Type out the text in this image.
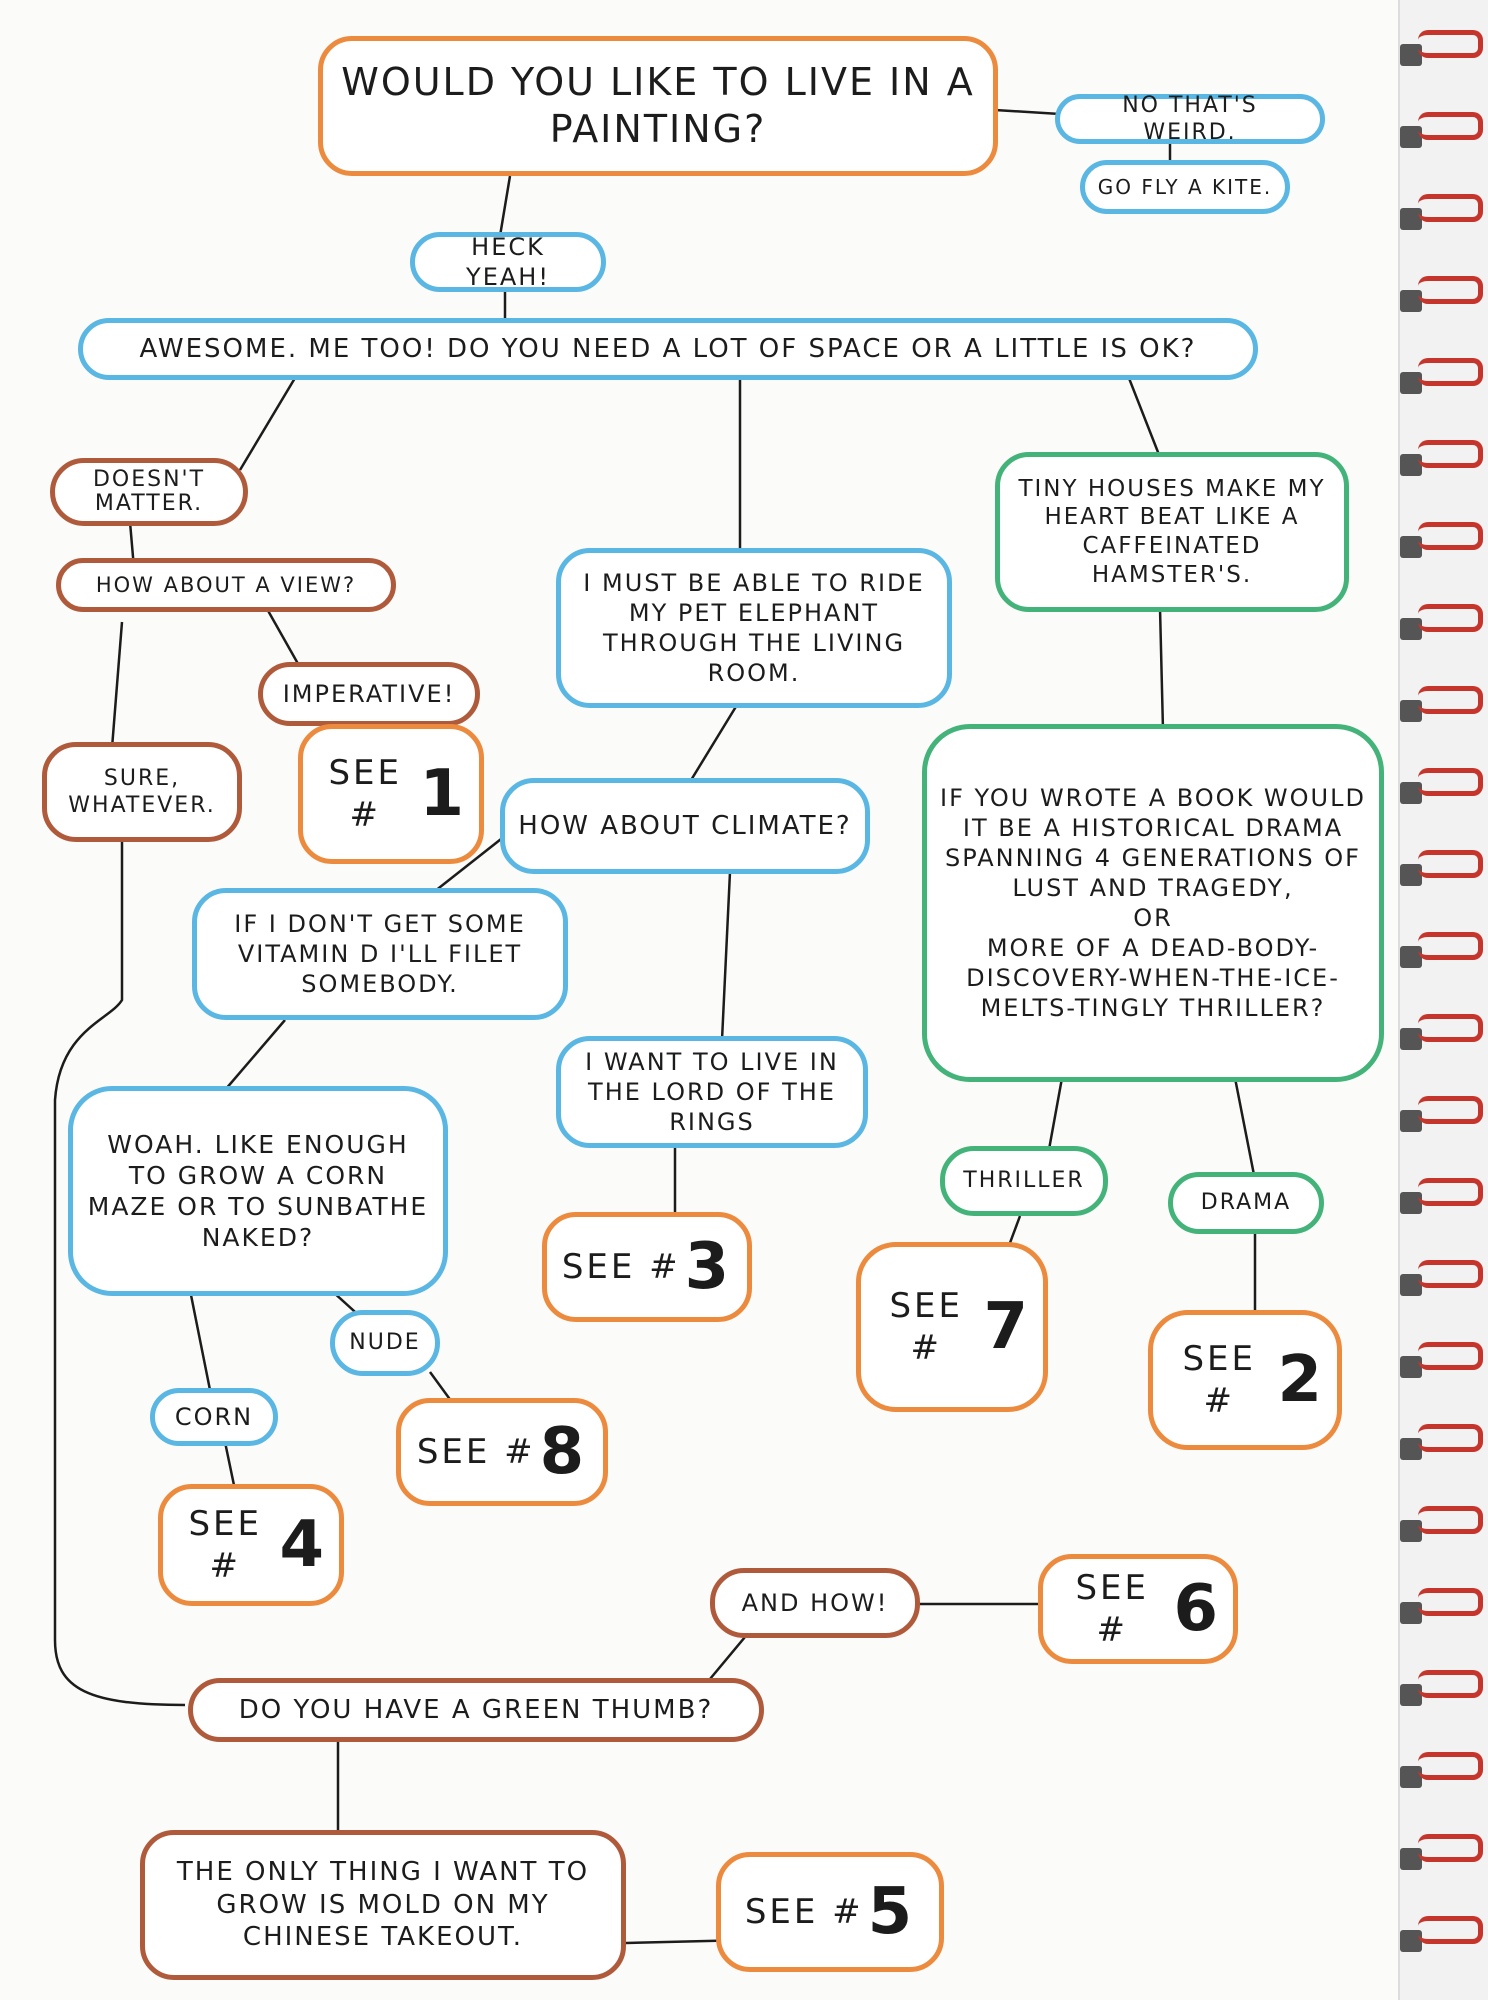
WOULD YOU LIKE TO LIVE IN A PAINTING?
NO THAT'S WEIRD.
GO FLY A KITE.
HECK YEAH!
AWESOME. ME TOO! DO YOU NEED A LOT OF SPACE OR A LITTLE IS OK?
DOESN'T MATTER.
HOW ABOUT A VIEW?
IMPERATIVE!
SEE # 1
SURE, WHATEVER.
I MUST BE ABLE TO RIDE MY PET ELEPHANT THROUGH THE LIVING ROOM.
TINY HOUSES MAKE MY HEART BEAT LIKE A CAFFEINATED HAMSTER'S.
HOW ABOUT CLIMATE?
IF YOU WROTE A BOOK WOULD IT BE A HISTORICAL DRAMA SPANNING 4 GENERATIONS OF LUST AND TRAGEDY,
OR
MORE OF A DEAD-BODY-DISCOVERY-WHEN-THE-ICE-MELTS-TINGLY THRILLER?
IF I DON'T GET SOME VITAMIN D I'LL FILET SOMEBODY.
I WANT TO LIVE IN THE LORD OF THE RINGS
THRILLER
DRAMA
WOAH. LIKE ENOUGH TO GROW A CORN MAZE OR TO SUNBATHE NAKED?
SEE # 3
SEE # 7	SEE # 2
NUDE
CORN
SEE # 8
SEE # 4
AND HOW!	SEE # 6
DO YOU HAVE A GREEN THUMB?
THE ONLY THING I WANT TO GROW IS MOLD ON MY CHINESE TAKEOUT.
SEE # 5
